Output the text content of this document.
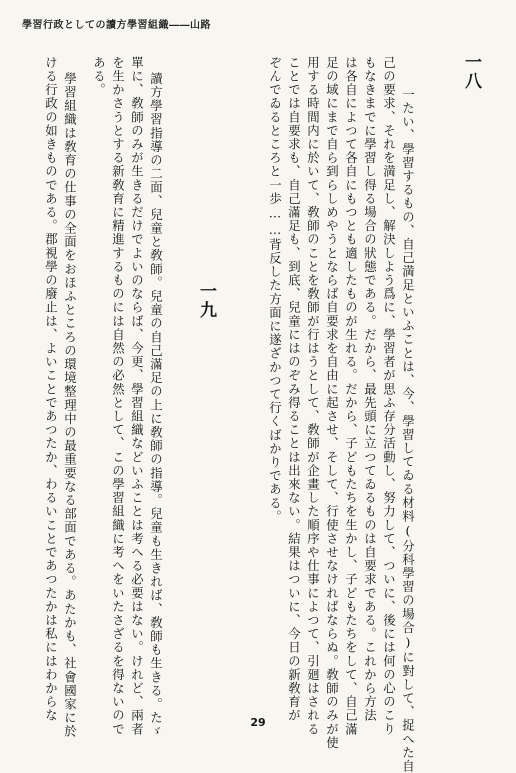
學習行政としての讀方學習組織――山路
一八
一たい、學習するもの、自己満足といふことは、今、學習してゐる材料(分科學習の場合)に對して、捉へた自
己の要求、それを満足し、解決しよう爲に、學習者が思ふ存分活動し、努力して、ついに、後には何の心のこり
もなきまでに學習し得る場合の狀態である。だから、最先頭に立つてゐるものは自要求である。これから方法
は各自によつて各自にもつとも適したものが生れる。だから、子どもたちを生かし、子どもたちをして、自己滿
足の域にまで自ら到らしめやうとならば自要求を自由に起させ、そして、行使させなければならぬ。敎師のみが使
用する時間内に於いて、敎師のことを敎師が行はうとして、敎師が企畫した順序や仕事によつて、引廻はされる
ことでは自要求も、自己滿足も、到底、兒童にはのぞみ得ることは出來ない。結果はついに、今日の新敎育が
ぞんでゐるところと一歩……背反した方面に遂ざかつて行くばかりである。
一九
讀方學習指導の二面、兒童と敎師。兒童の自己滿足の上に敎師の指導。兒童も生きれば、敎師も生きる。たゞ
單に、敎師のみが生きるだけでよいのならば、今更、學習組織などいふことは考へる必要はない。けれど、兩者
を生かさうとする新敎育に精進するものには自然の必然として、この學習組織に考へをいたさざるを得ないので
ある。
學習組織は敎育の仕事の全面をおほふところの環境整理中の最重要なる部面である。あたかも、社會國家に於
ける行政の如きものである。郡視學の廢止は、よいことであつたか、わるいことであつたかは私にはわからな
29
